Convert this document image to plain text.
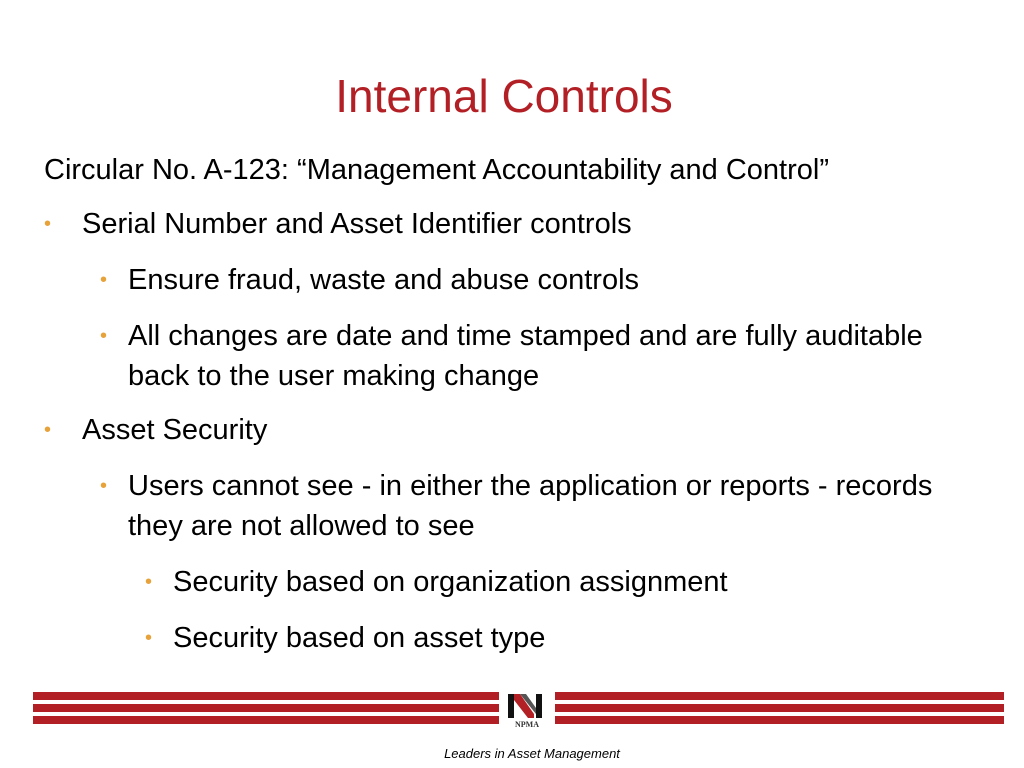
Internal Controls
Circular No. A-123: “Management Accountability and Control”
• Serial Number and Asset Identifier controls
• Ensure fraud, waste and abuse controls
• All changes are date and time stamped and are fully auditable back to the user making change
• Asset Security
• Users cannot see - in either the application or reports - records they are not allowed to see
• Security based on organization assignment
• Security based on asset type
NPMA
Leaders in Asset Management
